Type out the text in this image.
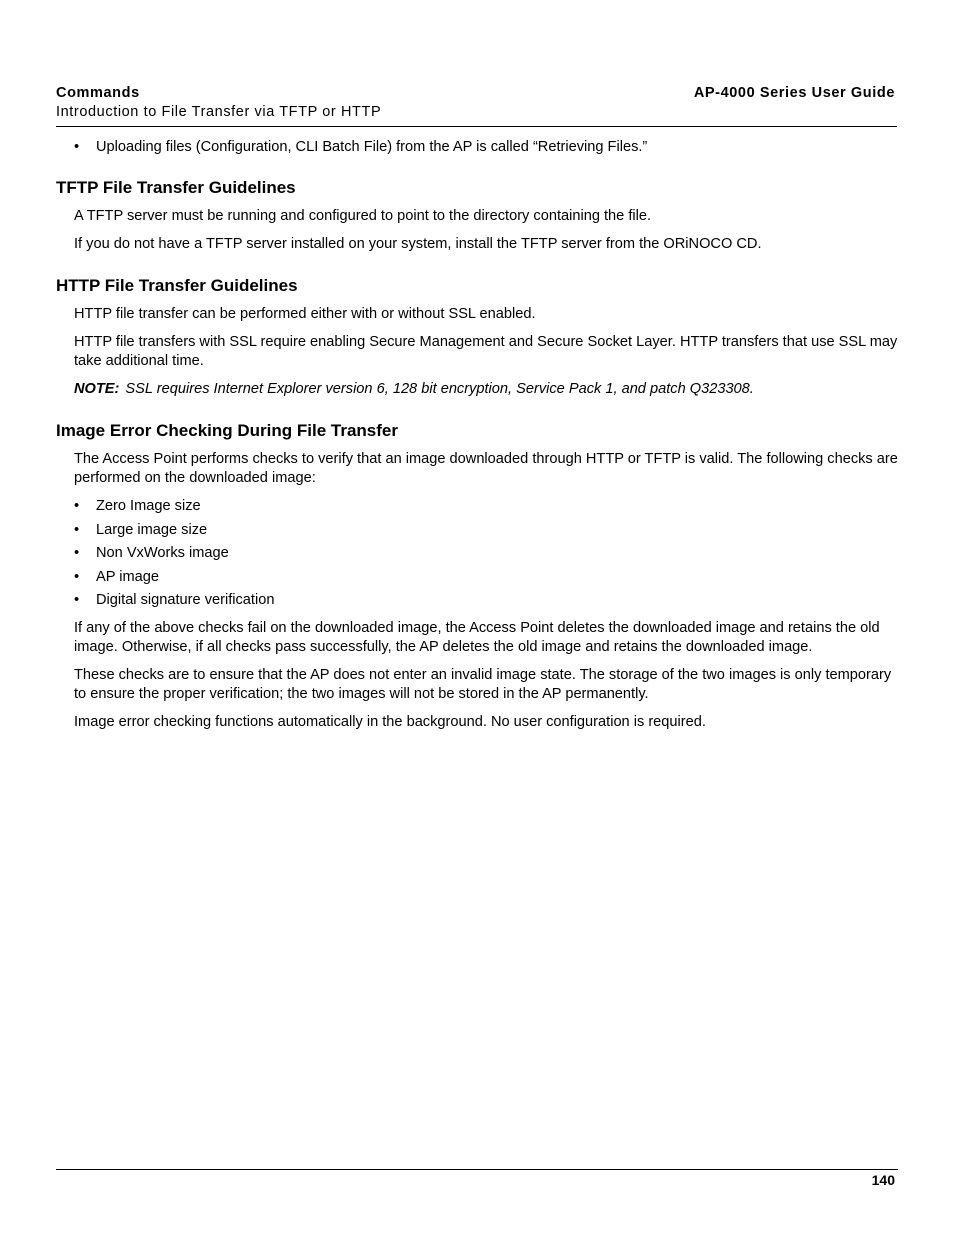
Commands
Introduction to File Transfer via TFTP or HTTP
AP-4000 Series User Guide
• Uploading files (Configuration, CLI Batch File) from the AP is called “Retrieving Files.”
TFTP File Transfer Guidelines

A TFTP server must be running and configured to point to the directory containing the file.

If you do not have a TFTP server installed on your system, install the TFTP server from the ORiNOCO CD.

HTTP File Transfer Guidelines

HTTP file transfer can be performed either with or without SSL enabled.

HTTP file transfers with SSL require enabling Secure Management and Secure Socket Layer. HTTP transfers that use SSL may take additional time.

NOTE: SSL requires Internet Explorer version 6, 128 bit encryption, Service Pack 1, and patch Q323308.

Image Error Checking During File Transfer

The Access Point performs checks to verify that an image downloaded through HTTP or TFTP is valid. The following checks are performed on the downloaded image:

• Zero Image size
• Large image size
• Non VxWorks image
• AP image
• Digital signature verification

If any of the above checks fail on the downloaded image, the Access Point deletes the downloaded image and retains the old image. Otherwise, if all checks pass successfully, the AP deletes the old image and retains the downloaded image.

These checks are to ensure that the AP does not enter an invalid image state. The storage of the two images is only temporary to ensure the proper verification; the two images will not be stored in the AP permanently.

Image error checking functions automatically in the background. No user configuration is required.

140
